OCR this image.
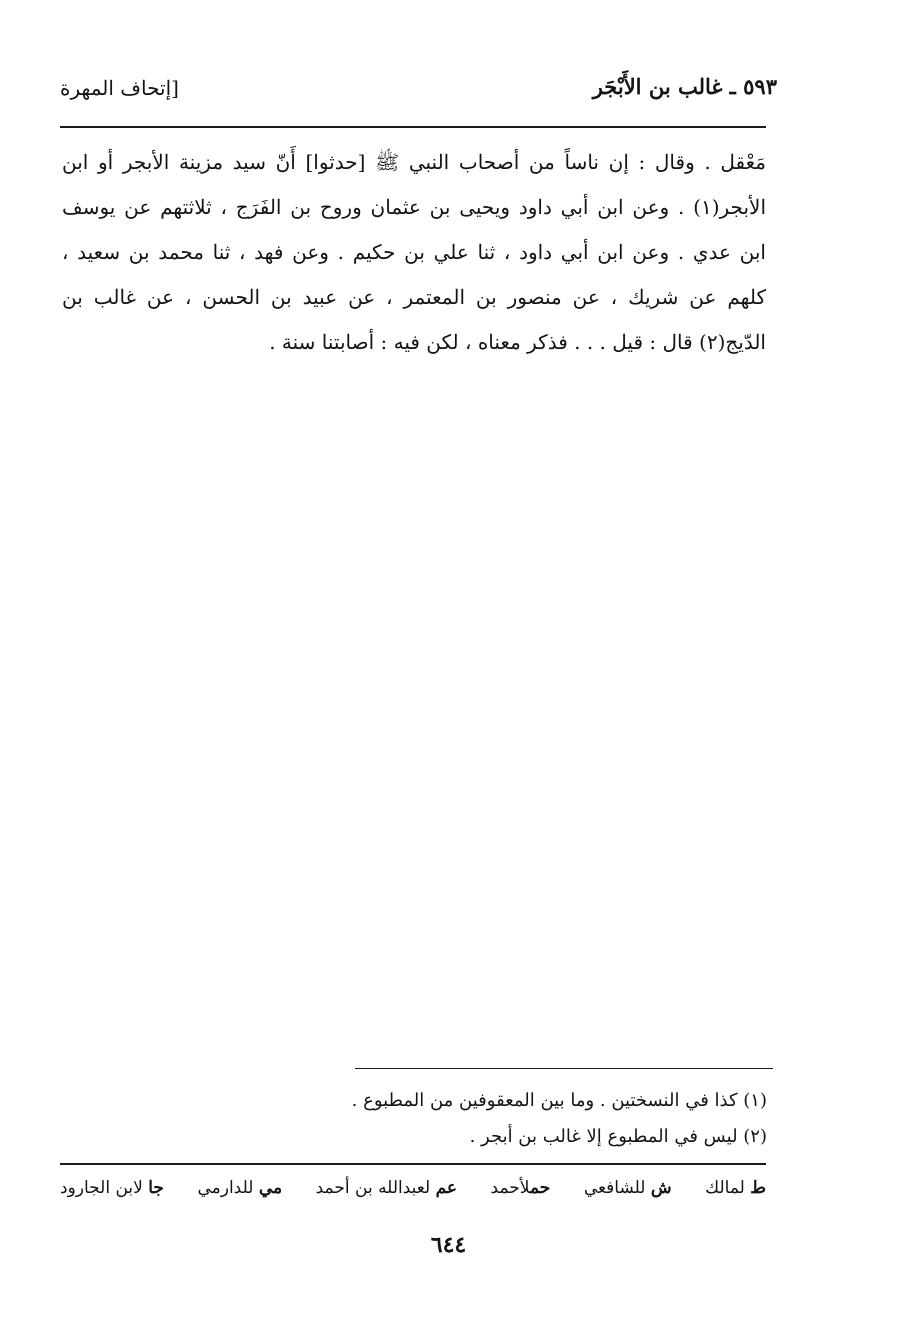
٥٩٣ ـ غالب بن الأَبْجَر
[إتحاف المهرة
مَعْقل . وقال : إن ناساً من أصحاب النبي ﷺ [حدثوا] أَنّ سيد مزينة الأبجر أو ابن
الأبجر(١) . وعن ابن أبي داود ويحيى بن عثمان وروح بن الفَرَج ، ثلاثتهم عن يوسف
ابن عدي . وعن ابن أبي داود ، ثنا علي بن حكيم . وعن فهد ، ثنا محمد بن سعيد ،
كلهم عن شريك ، عن منصور بن المعتمر ، عن عبيد بن الحسن ، عن غالب بن
الدّيج(٢) قال : قيل . . . فذكر معناه ، لكن فيه : أصابتنا سنة .
(١) كذا في النسختين . وما بين المعقوفين من المطبوع .
(٢) ليس في المطبوع إلا غالب بن أبجر .
ط لمالك
ش للشافعي
حملأحمد
عم لعبدالله بن أحمد
مي للدارمي
جا لابن الجارود
٦٤٤
